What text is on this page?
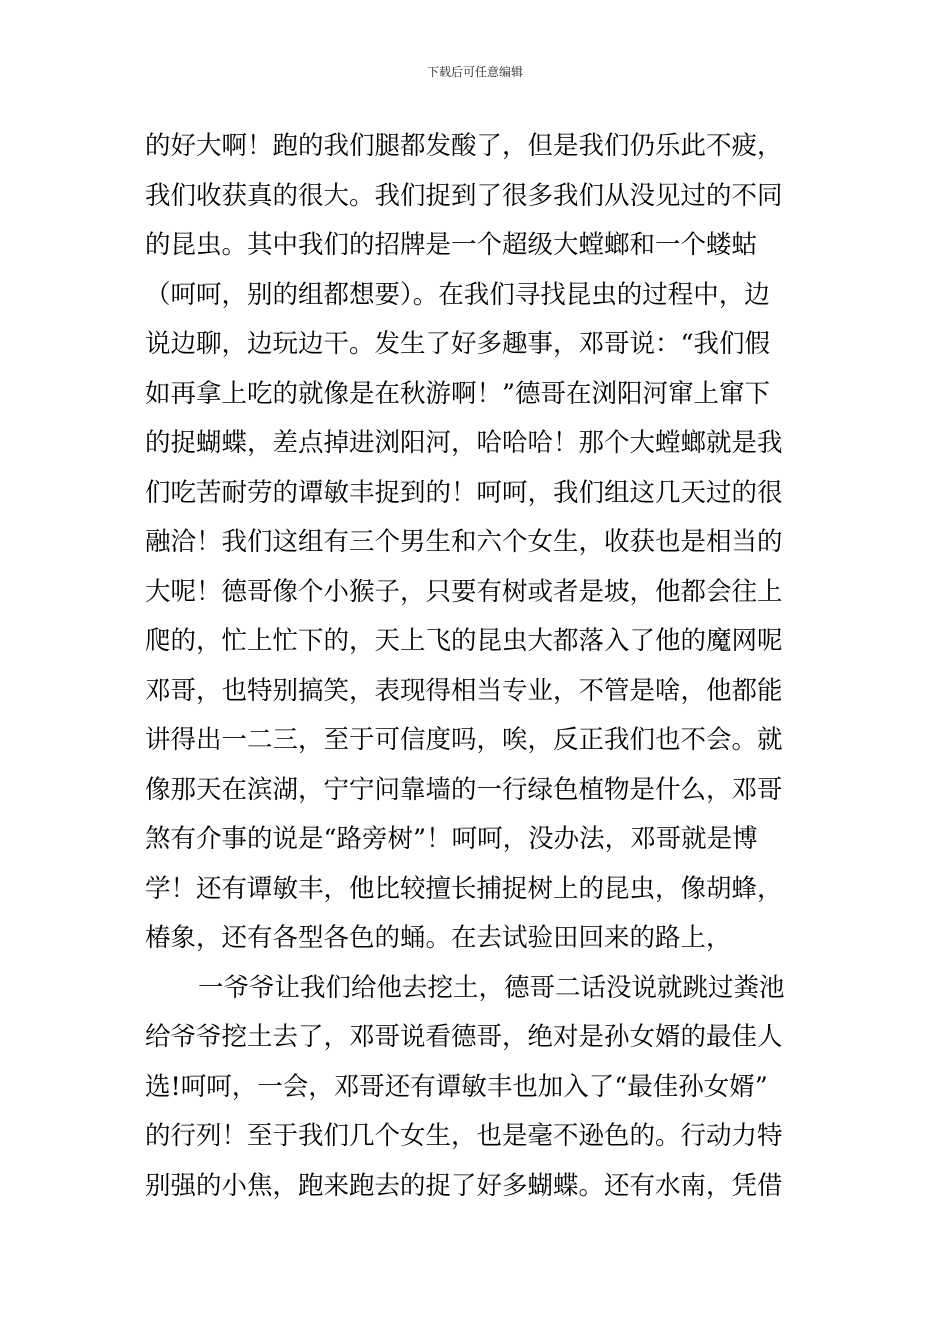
下载后可任意编辑
的好大啊！跑的我们腿都发酸了，但是我们仍乐此不疲，
我们收获真的很大。我们捉到了很多我们从没见过的不同
的昆虫。其中我们的招牌是一个超级大螳螂和一个蝼蛄
（呵呵，别的组都想要）。在我们寻找昆虫的过程中，边
说边聊，边玩边干。发生了好多趣事，邓哥说：“我们假
如再拿上吃的就像是在秋游啊！”德哥在浏阳河窜上窜下
的捉蝴蝶，差点掉进浏阳河，哈哈哈！那个大螳螂就是我
们吃苦耐劳的谭敏丰捉到的！呵呵，我们组这几天过的很
融洽！我们这组有三个男生和六个女生，收获也是相当的
大呢！德哥像个小猴子，只要有树或者是坡，他都会往上
爬的，忙上忙下的，天上飞的昆虫大都落入了他的魔网呢
邓哥，也特别搞笑，表现得相当专业，不管是啥，他都能
讲得出一二三，至于可信度吗，唉，反正我们也不会。就
像那天在滨湖，宁宁问靠墙的一行绿色植物是什么，邓哥
煞有介事的说是“路旁树”！呵呵，没办法，邓哥就是博
学！还有谭敏丰，他比较擅长捕捉树上的昆虫，像胡蜂，
椿象，还有各型各色的蛹。在去试验田回来的路上，
一爷爷让我们给他去挖土，德哥二话没说就跳过粪池
给爷爷挖土去了，邓哥说看德哥，绝对是孙女婿的最佳人
选!呵呵，一会，邓哥还有谭敏丰也加入了“最佳孙女婿”
的行列！至于我们几个女生，也是毫不逊色的。行动力特
别强的小焦，跑来跑去的捉了好多蝴蝶。还有水南，凭借
